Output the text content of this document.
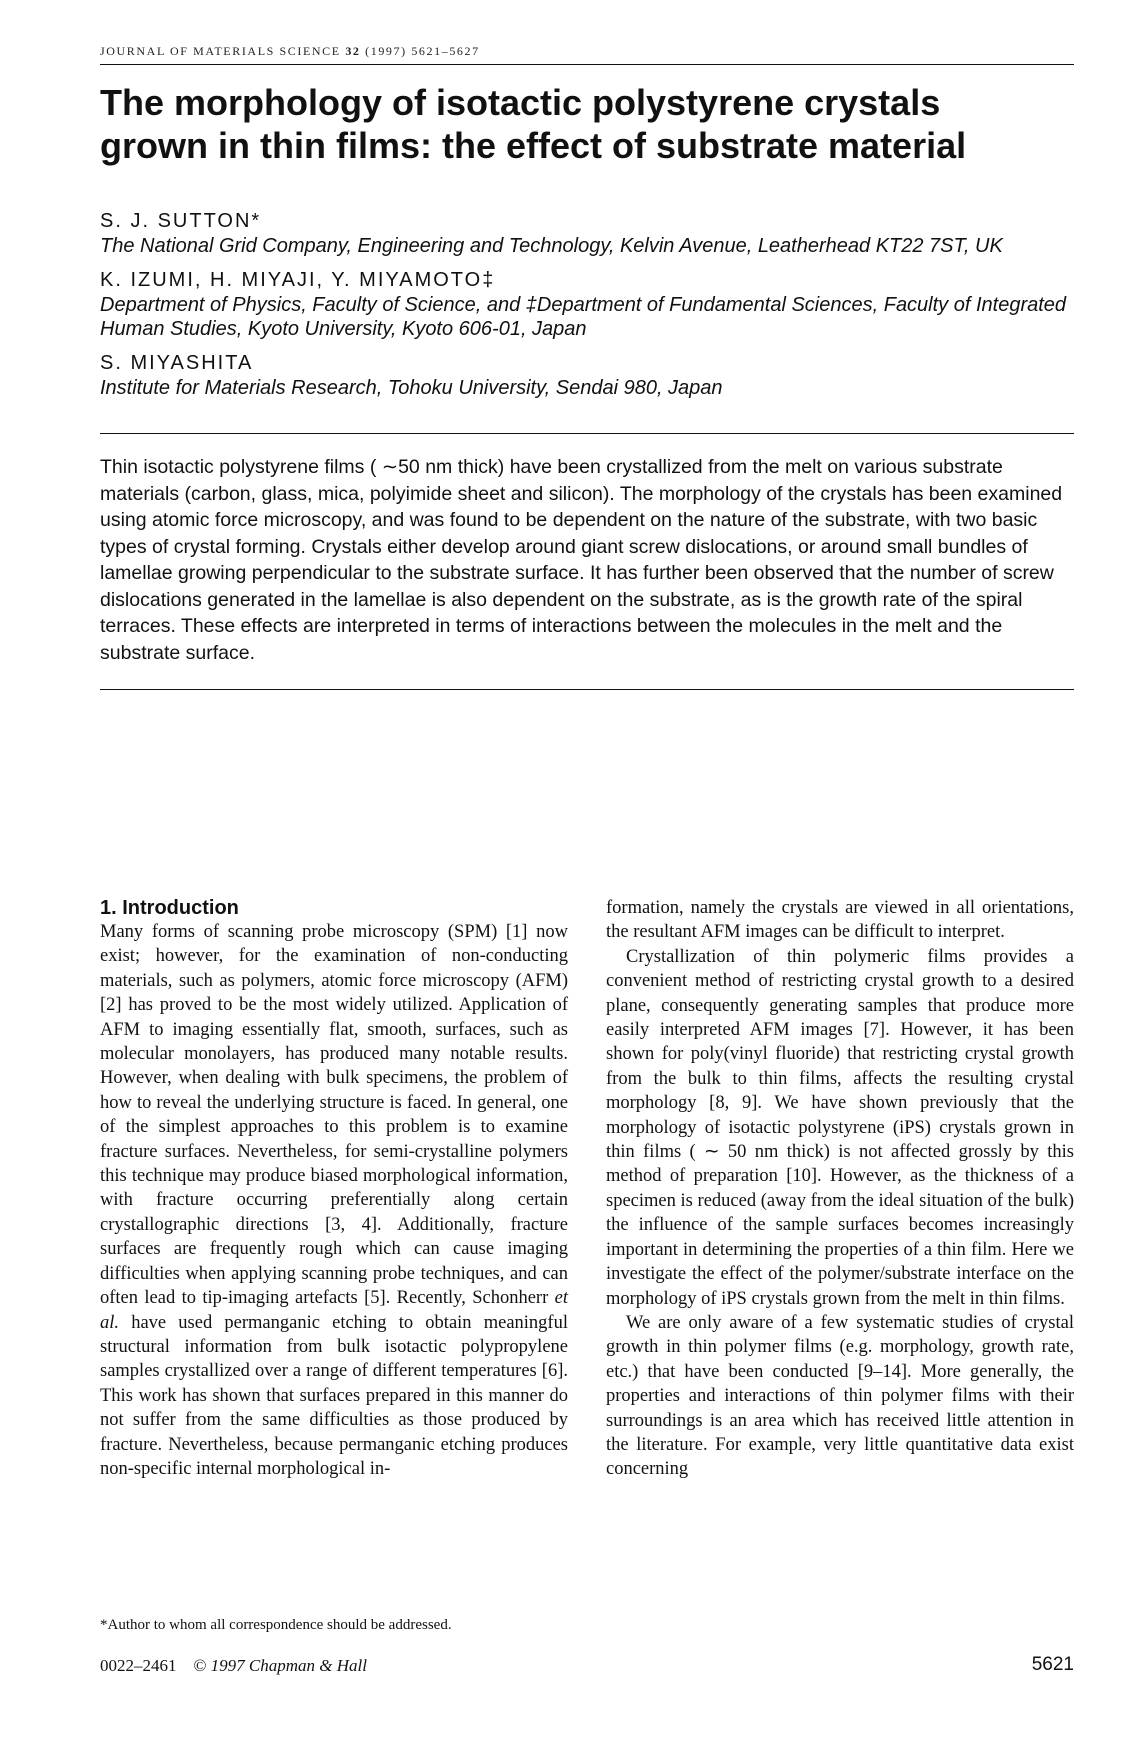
JOURNAL OF MATERIALS SCIENCE 32 (1997) 5621–5627
The morphology of isotactic polystyrene crystals
grown in thin films: the effect of substrate material
S. J. SUTTON*
The National Grid Company, Engineering and Technology, Kelvin Avenue, Leatherhead KT22 7ST, UK
K. IZUMI, H. MIYAJI, Y. MIYAMOTO‡
Department of Physics, Faculty of Science, and ‡Department of Fundamental Sciences, Faculty of Integrated Human Studies, Kyoto University, Kyoto 606-01, Japan
S. MIYASHITA
Institute for Materials Research, Tohoku University, Sendai 980, Japan

Thin isotactic polystyrene films ( ∼50 nm thick) have been crystallized from the melt on various substrate materials (carbon, glass, mica, polyimide sheet and silicon). The morphology of the crystals has been examined using atomic force microscopy, and was found to be dependent on the nature of the substrate, with two basic types of crystal forming. Crystals either develop around giant screw dislocations, or around small bundles of lamellae growing perpendicular to the substrate surface. It has further been observed that the number of screw dislocations generated in the lamellae is also dependent on the substrate, as is the growth rate of the spiral terraces. These effects are interpreted in terms of interactions between the molecules in the melt and the substrate surface.

1. Introduction

Many forms of scanning probe microscopy (SPM) [1] now exist; however, for the examination of non-conducting materials, such as polymers, atomic force microscopy (AFM) [2] has proved to be the most widely utilized. Application of AFM to imaging essentially flat, smooth, surfaces, such as molecular monolayers, has produced many notable results. However, when dealing with bulk specimens, the problem of how to reveal the underlying structure is faced. In general, one of the simplest approaches to this problem is to examine fracture surfaces. Nevertheless, for semi-crystalline polymers this technique may produce biased morphological information, with fracture occurring preferentially along certain crystallographic directions [3, 4]. Additionally, fracture surfaces are frequently rough which can cause imaging difficulties when applying scanning probe techniques, and can often lead to tip-imaging artefacts [5]. Recently, Schonherr et al. have used permanganic etching to obtain meaningful structural information from bulk isotactic polypropylene samples crystallized over a range of different temperatures [6]. This work has shown that surfaces prepared in this manner do not suffer from the same difficulties as those produced by fracture. Nevertheless, because permanganic etching produces non-specific internal morphological in-

formation, namely the crystals are viewed in all orientations, the resultant AFM images can be difficult to interpret.

Crystallization of thin polymeric films provides a convenient method of restricting crystal growth to a desired plane, consequently generating samples that produce more easily interpreted AFM images [7]. However, it has been shown for poly(vinyl fluoride) that restricting crystal growth from the bulk to thin films, affects the resulting crystal morphology [8, 9]. We have shown previously that the morphology of isotactic polystyrene (iPS) crystals grown in thin films ( ∼ 50 nm thick) is not affected grossly by this method of preparation [10]. However, as the thickness of a specimen is reduced (away from the ideal situation of the bulk) the influence of the sample surfaces becomes increasingly important in determining the properties of a thin film. Here we investigate the effect of the polymer/substrate interface on the morphology of iPS crystals grown from the melt in thin films.

We are only aware of a few systematic studies of crystal growth in thin polymer films (e.g. morphology, growth rate, etc.) that have been conducted [9–14]. More generally, the properties and interactions of thin polymer films with their surroundings is an area which has received little attention in the literature. For example, very little quantitative data exist concerning

*Author to whom all correspondence should be addressed.
0022–2461 © 1997 Chapman & Hall	5621
